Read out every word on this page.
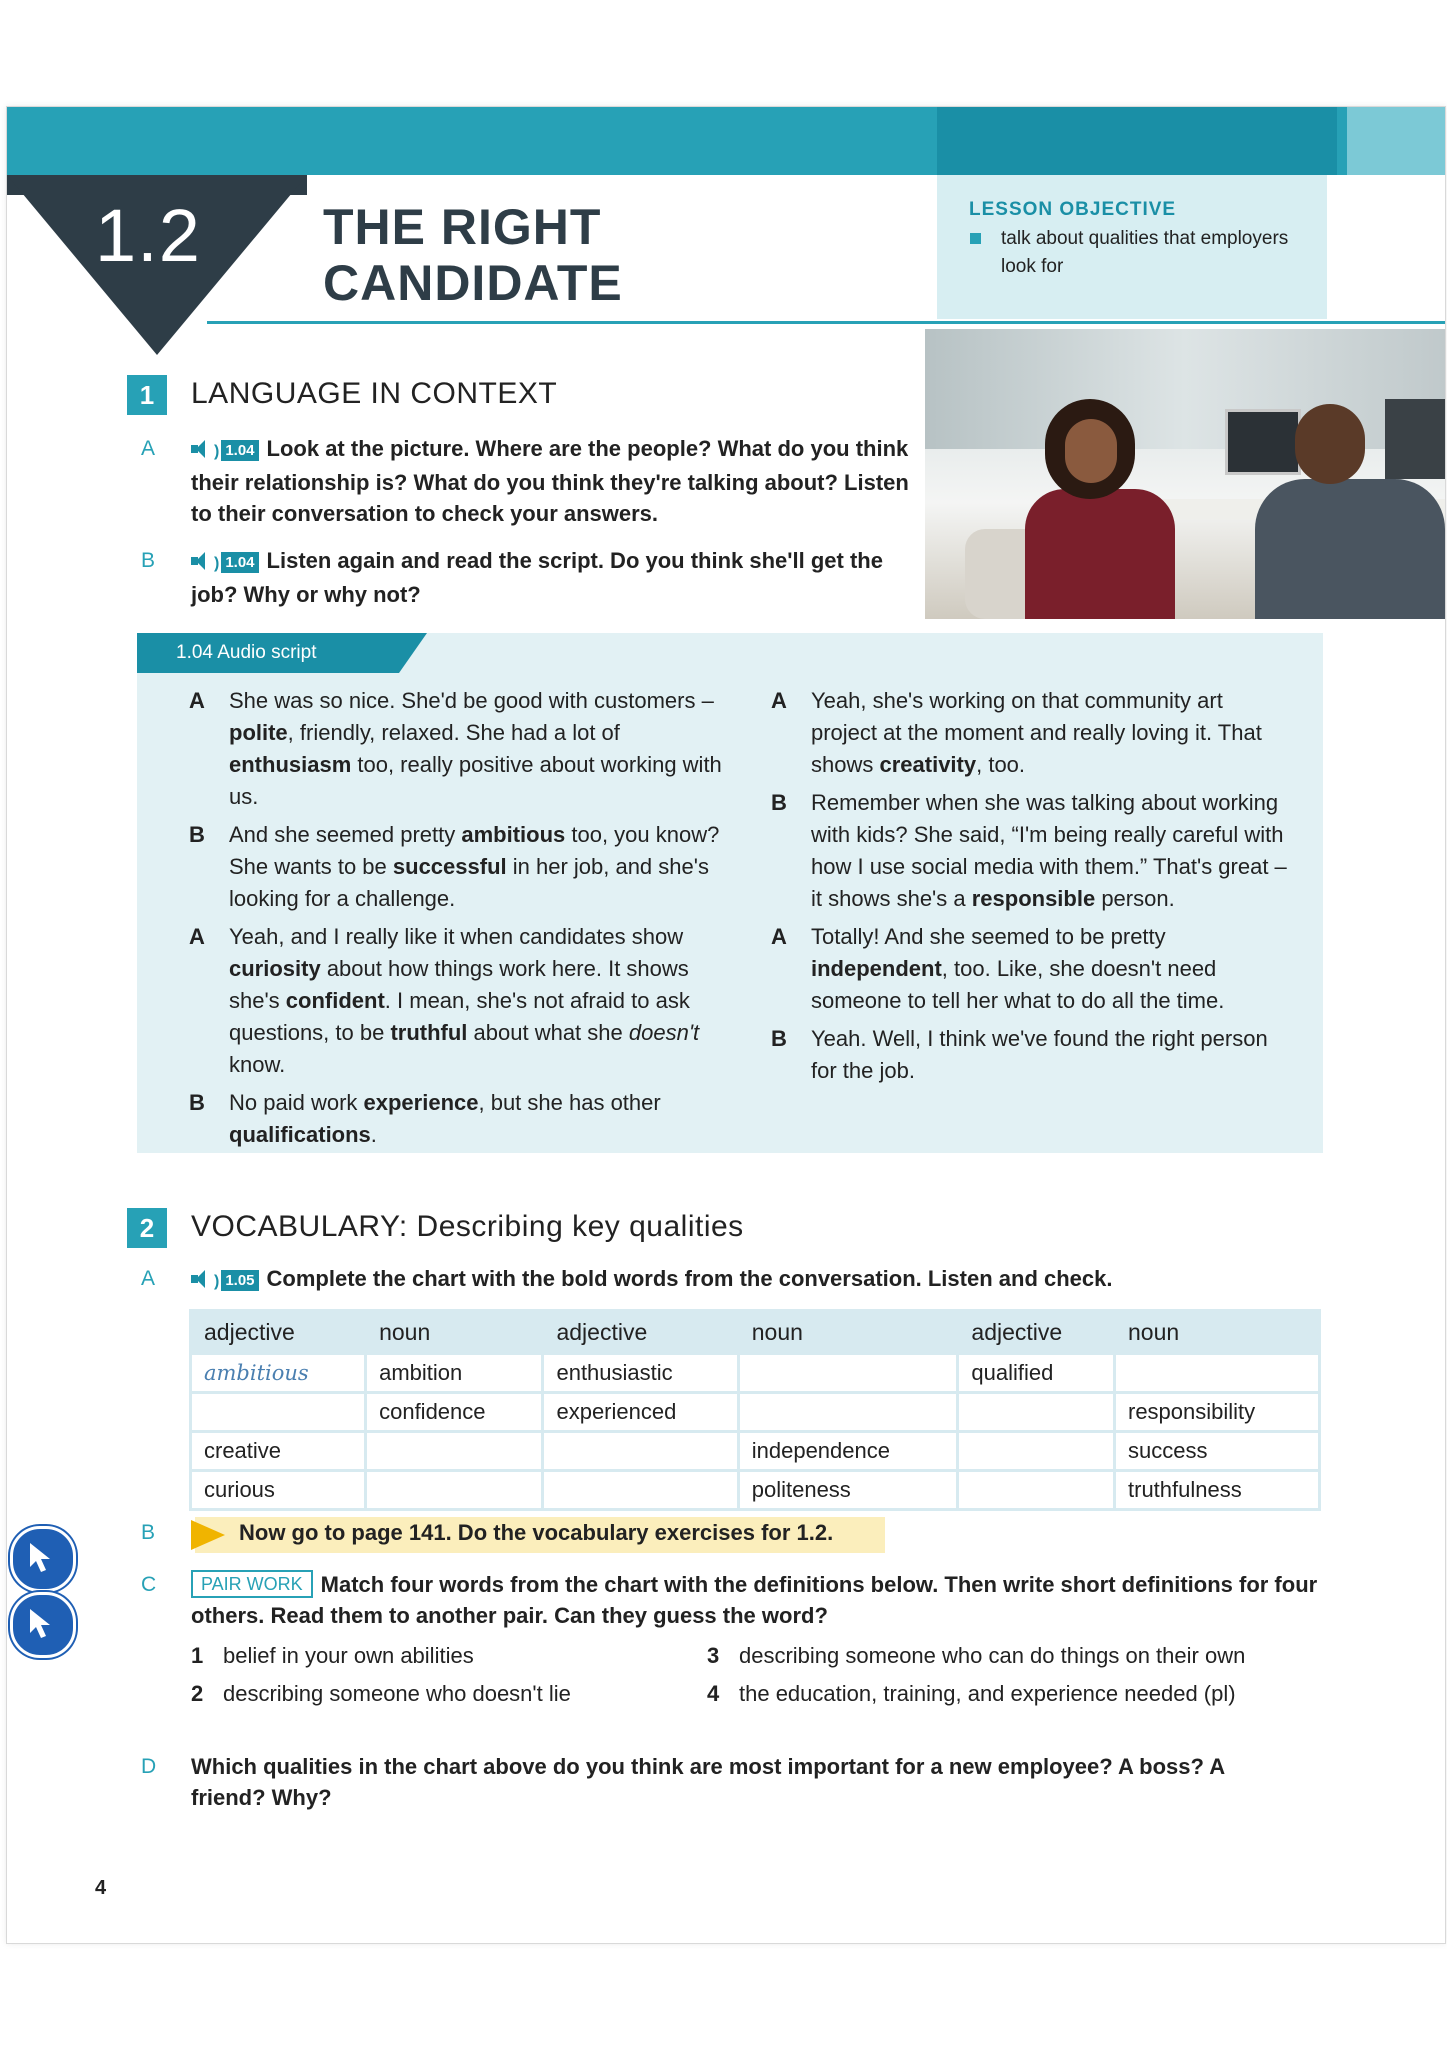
1.2 THE RIGHT
CANDIDATE
LESSON OBJECTIVE
talk about qualities that employers look for
1	LANGUAGE IN CONTEXT
A	) 1.04 Look at the picture. Where are the people? What do you think their relationship is? What do you think they're talking about? Listen to their conversation to check your answers.
B	) 1.04 Listen again and read the script. Do you think she'll get the job? Why or why not?
1.04 Audio script
A She was so nice. She'd be good with customers – polite, friendly, relaxed. She had a lot of enthusiasm too, really positive about working with us.
B And she seemed pretty ambitious too, you know? She wants to be successful in her job, and she's looking for a challenge.
A Yeah, and I really like it when candidates show curiosity about how things work here. It shows she's confident. I mean, she's not afraid to ask questions, to be truthful about what she doesn't know.
B No paid work experience, but she has other qualifications.
A Yeah, she's working on that community art project at the moment and really loving it. That shows creativity, too.
B Remember when she was talking about working with kids? She said, “I'm being really careful with how I use social media with them.” That's great – it shows she's a responsible person.
A Totally! And she seemed to be pretty independent, too. Like, she doesn't need someone to tell her what to do all the time.
B Yeah. Well, I think we've found the right person for the job.
2	VOCABULARY: Describing key qualities
A	) 1.05 Complete the chart with the bold words from the conversation. Listen and check.
adjective	noun	adjective	noun	adjective	noun
ambitious	ambition	enthusiastic		qualified	
	confidence	experienced			responsibility
creative			independence		success
curious			politeness		truthfulness
B	Now go to page 141. Do the vocabulary exercises for 1.2.
C	PAIR WORK Match four words from the chart with the definitions below. Then write short definitions for four others. Read them to another pair. Can they guess the word?
1 belief in your own abilities	3 describing someone who can do things on their own
2 describing someone who doesn't lie	4 the education, training, and experience needed (pl)
D Which qualities in the chart above do you think are most important for a new employee? A boss? A friend? Why?
4
